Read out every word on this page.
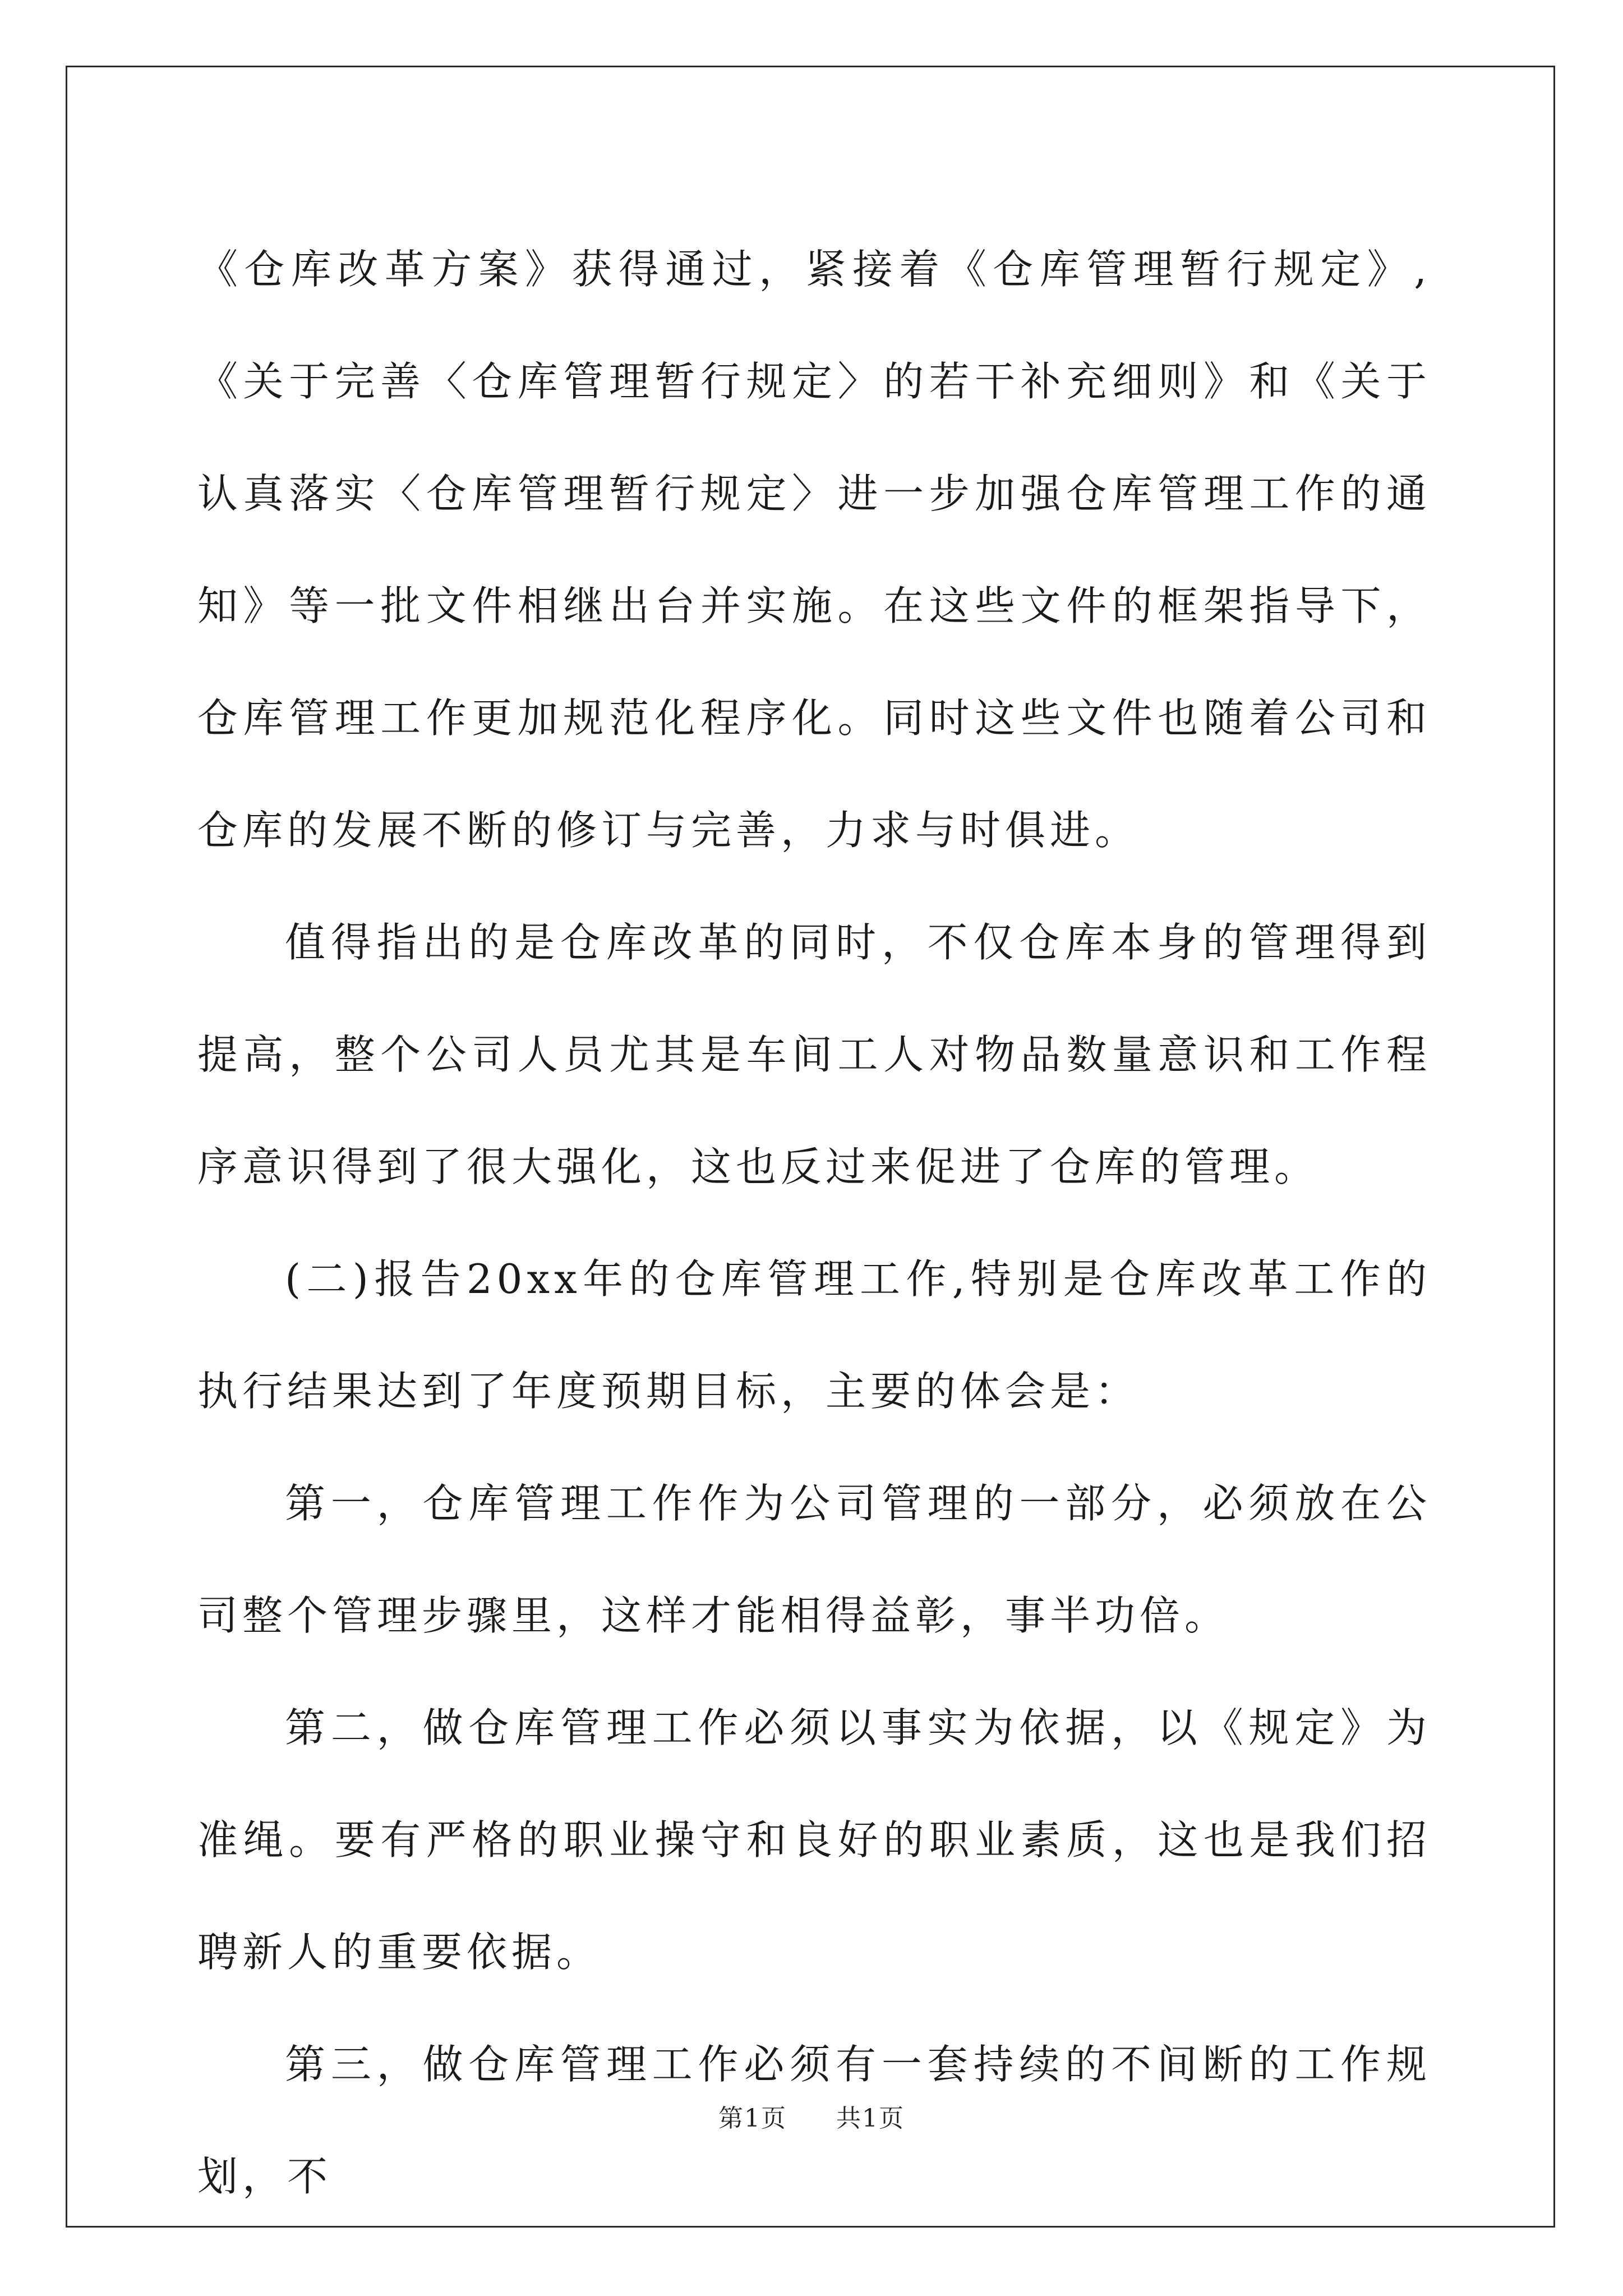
《仓库改革方案》获得通过，紧接着《仓库管理暂行规定》,《关于完善〈仓库管理暂行规定〉的若干补充细则》和《关于认真落实〈仓库管理暂行规定〉进一步加强仓库管理工作的通知》等一批文件相继出台并实施。在这些文件的框架指导下，仓库管理工作更加规范化程序化。同时这些文件也随着公司和仓库的发展不断的修订与完善，力求与时俱进。

值得指出的是仓库改革的同时，不仅仓库本身的管理得到提高，整个公司人员尤其是车间工人对物品数量意识和工作程序意识得到了很大强化，这也反过来促进了仓库的管理。

(二)报告20xx年的仓库管理工作,特别是仓库改革工作的执行结果达到了年度预期目标，主要的体会是：

第一，仓库管理工作作为公司管理的一部分，必须放在公司整个管理步骤里，这样才能相得益彰，事半功倍。

第二，做仓库管理工作必须以事实为依据，以《规定》为准绳。要有严格的职业操守和良好的职业素质，这也是我们招聘新人的重要依据。

第三，做仓库管理工作必须有一套持续的不间断的工作规划，不

第1页 共1页
